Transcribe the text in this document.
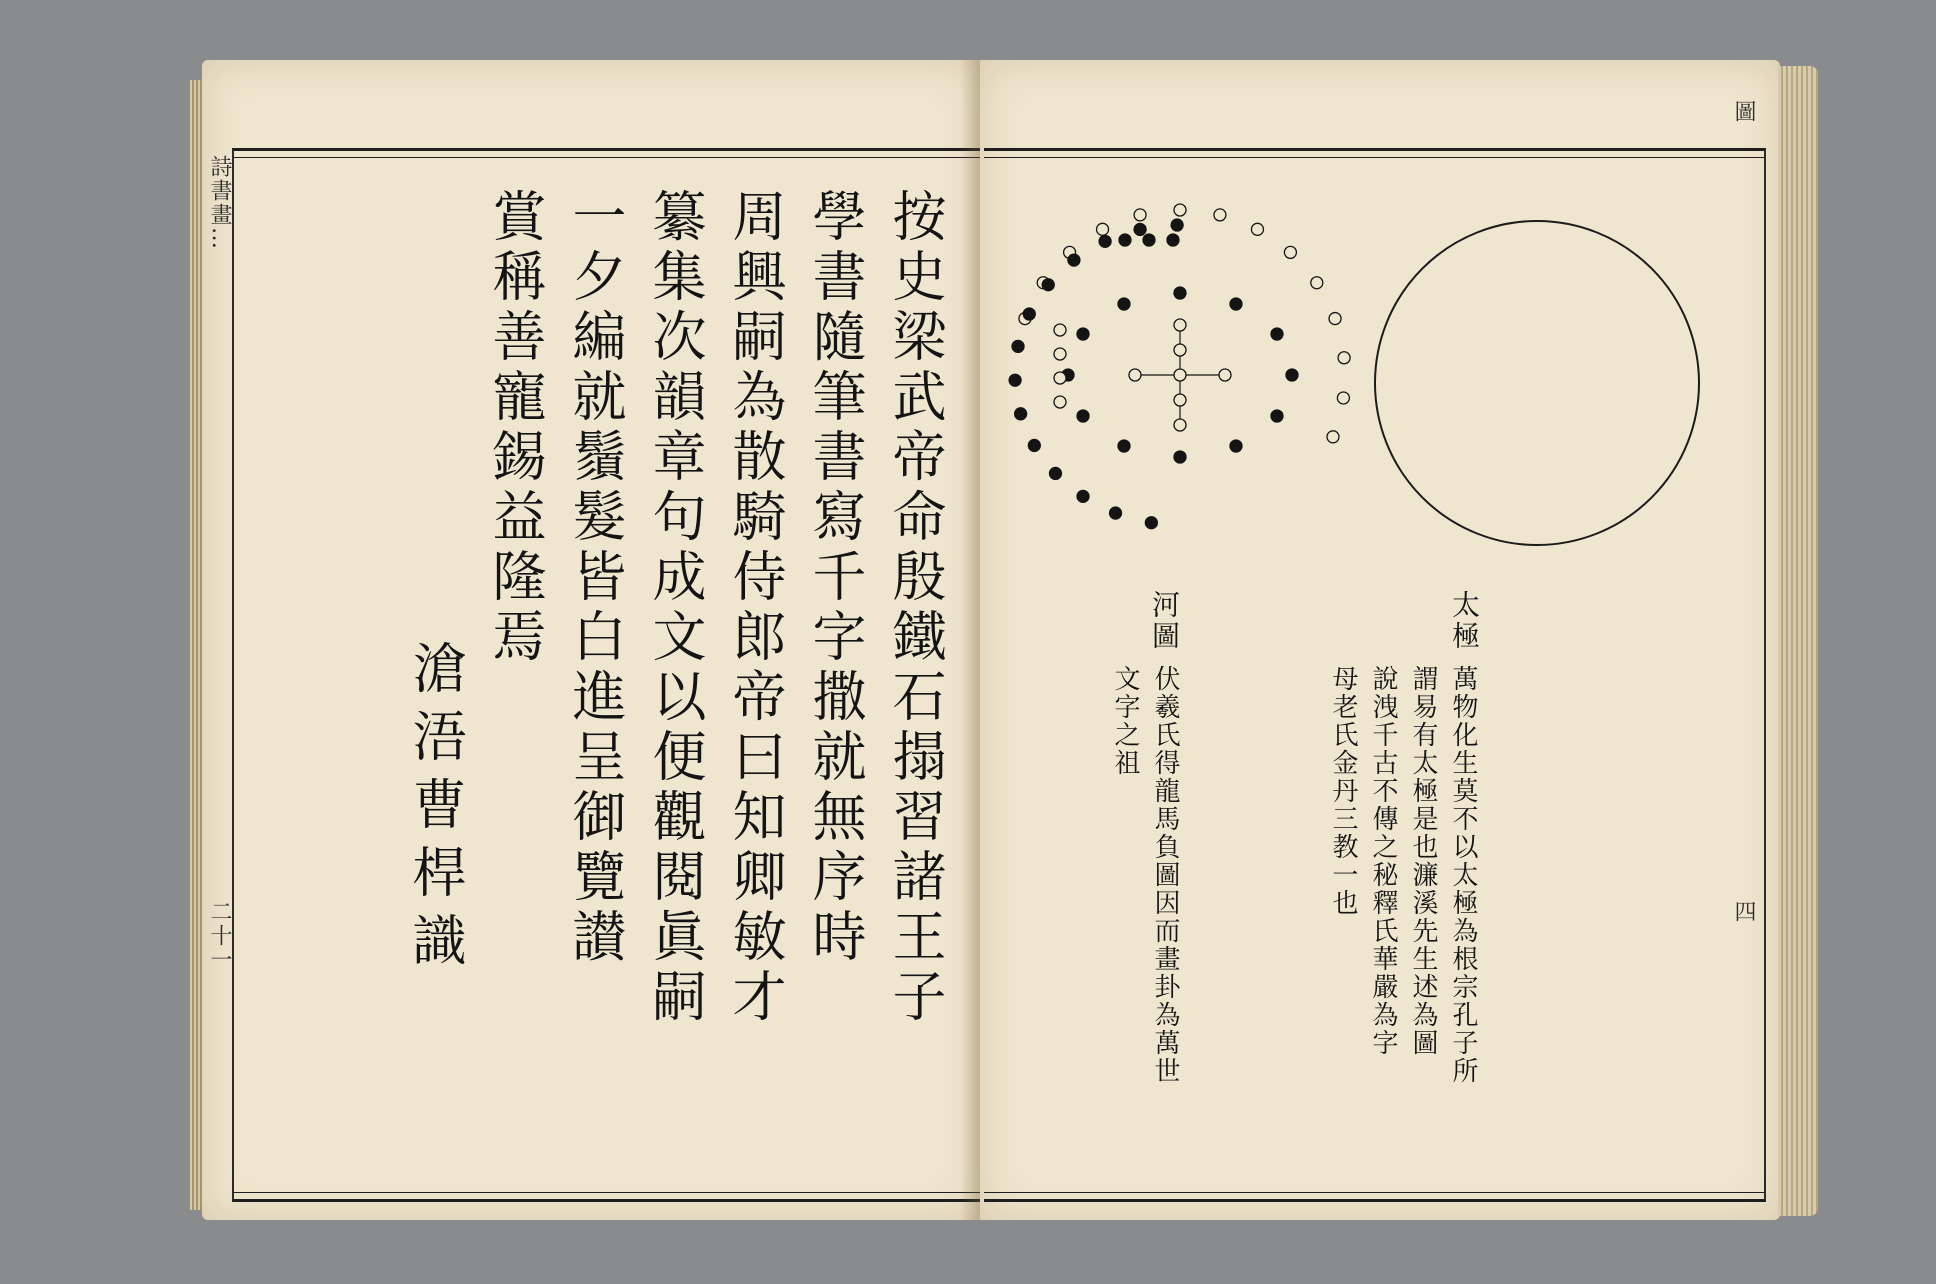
詩書畫…
二十一	按史梁武帝命殷鐵石搨習諸王子
學書隨筆書寫千字撒就無序時
周興嗣為散騎侍郎帝曰知卿敏才
纂集次韻章句成文以便觀閱眞嗣
一夕編就鬚髮皆白進呈御覽讃
賞稱善寵錫益隆焉
滄浯曹桿識
圖
四
太極
萬物化生莫不以太極為根宗孔子所
謂易有太極是也濂溪先生述為圖
說洩千古不傳之秘釋氏華嚴為字
母老氏金丹三教一也
河圖
伏羲氏得龍馬負圖因而畫卦為萬世
文字之祖
